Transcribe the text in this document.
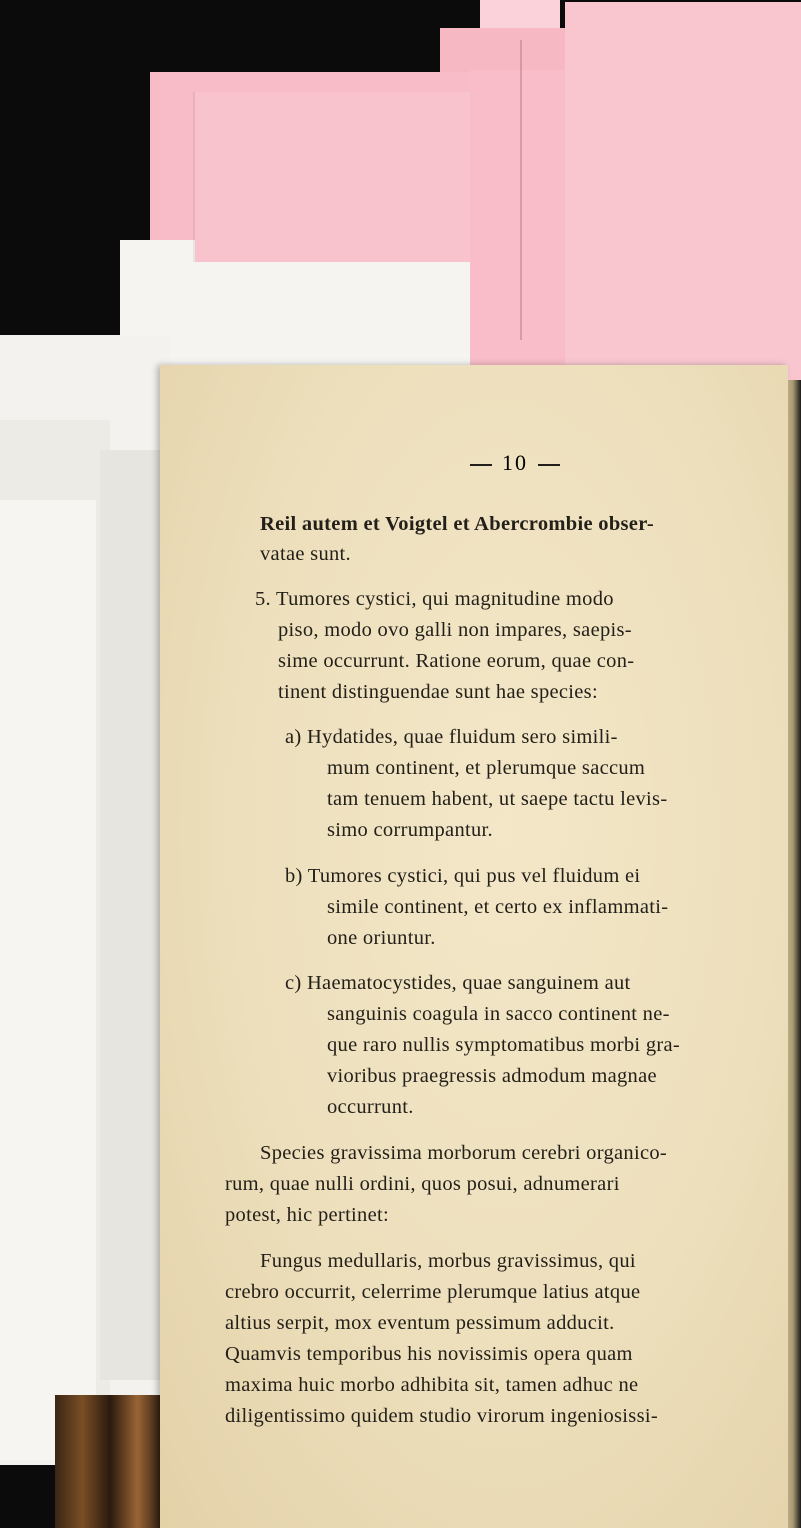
10
Reil autem et Voigtel et Abercrombie obser-
vatae sunt.
5. Tumores cystici, qui magnitudine modo
piso, modo ovo galli non impares, saepis-
sime occurrunt. Ratione eorum, quae con-
tinent distinguendae sunt hae species:
a) Hydatides, quae fluidum sero simili-
mum continent, et plerumque saccum
tam tenuem habent, ut saepe tactu levis-
simo corrumpantur.
b) Tumores cystici, qui pus vel fluidum ei
simile continent, et certo ex inflammati-
one oriuntur.
c) Haematocystides, quae sanguinem aut
sanguinis coagula in sacco continent ne-
que raro nullis symptomatibus morbi gra-
vioribus praegressis admodum magnae
occurrunt.
Species gravissima morborum cerebri organico-
rum, quae nulli ordini, quos posui, adnumerari
potest, hic pertinet:
Fungus medullaris, morbus gravissimus, qui
crebro occurrit, celerrime plerumque latius atque
altius serpit, mox eventum pessimum adducit.
Quamvis temporibus his novissimis opera quam
maxima huic morbo adhibita sit, tamen adhuc ne
diligentissimo quidem studio virorum ingeniosissi-
